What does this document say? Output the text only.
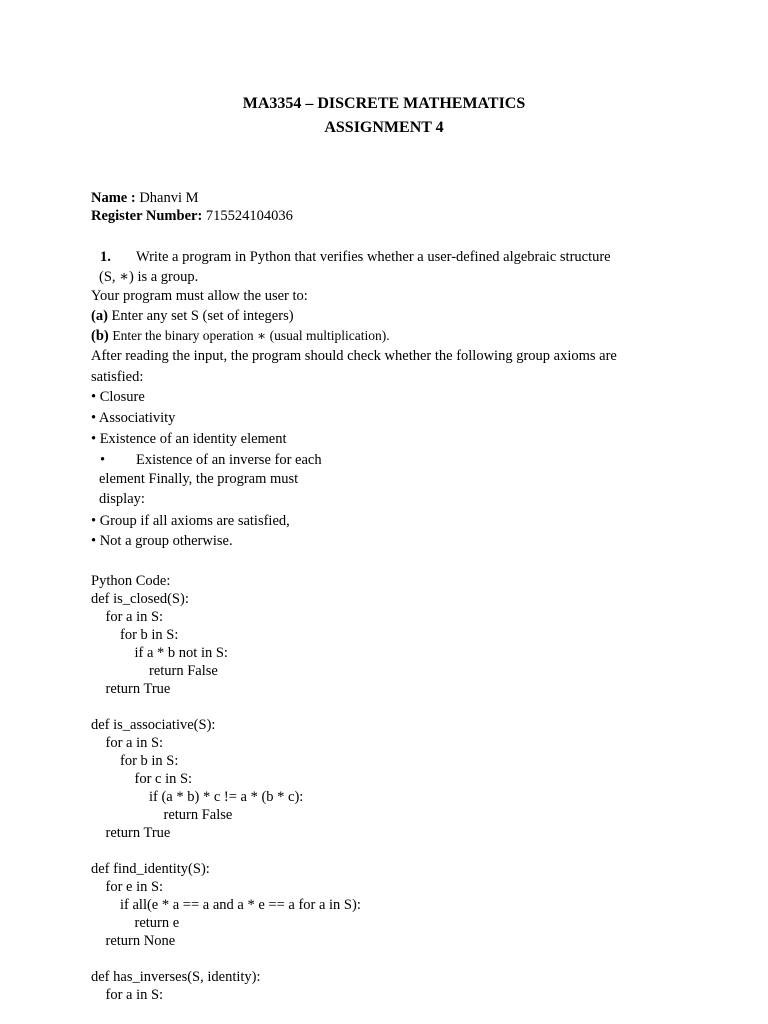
MA3354 – DISCRETE MATHEMATICS
ASSIGNMENT 4
Name : Dhanvi M
Register Number: 715524104036
1. Write a program in Python that verifies whether a user-defined algebraic structure
(S, ∗) is a group.
Your program must allow the user to:
(a) Enter any set S (set of integers)
(b) Enter the binary operation ∗ (usual multiplication).
After reading the input, the program should check whether the following group axioms are
satisfied:
• Closure
• Associativity
• Existence of an identity element
• Existence of an inverse for each
element Finally, the program must
display:
• Group if all axioms are satisfied,
• Not a group otherwise.
Python Code:
def is_closed(S):
for a in S:
for b in S:
if a * b not in S:
return False
return True
def is_associative(S):
for a in S:
for b in S:
for c in S:
if (a * b) * c != a * (b * c):
return False
return True
def find_identity(S):
for e in S:
if all(e * a == a and a * e == a for a in S):
return e
return None
def has_inverses(S, identity):
for a in S:
